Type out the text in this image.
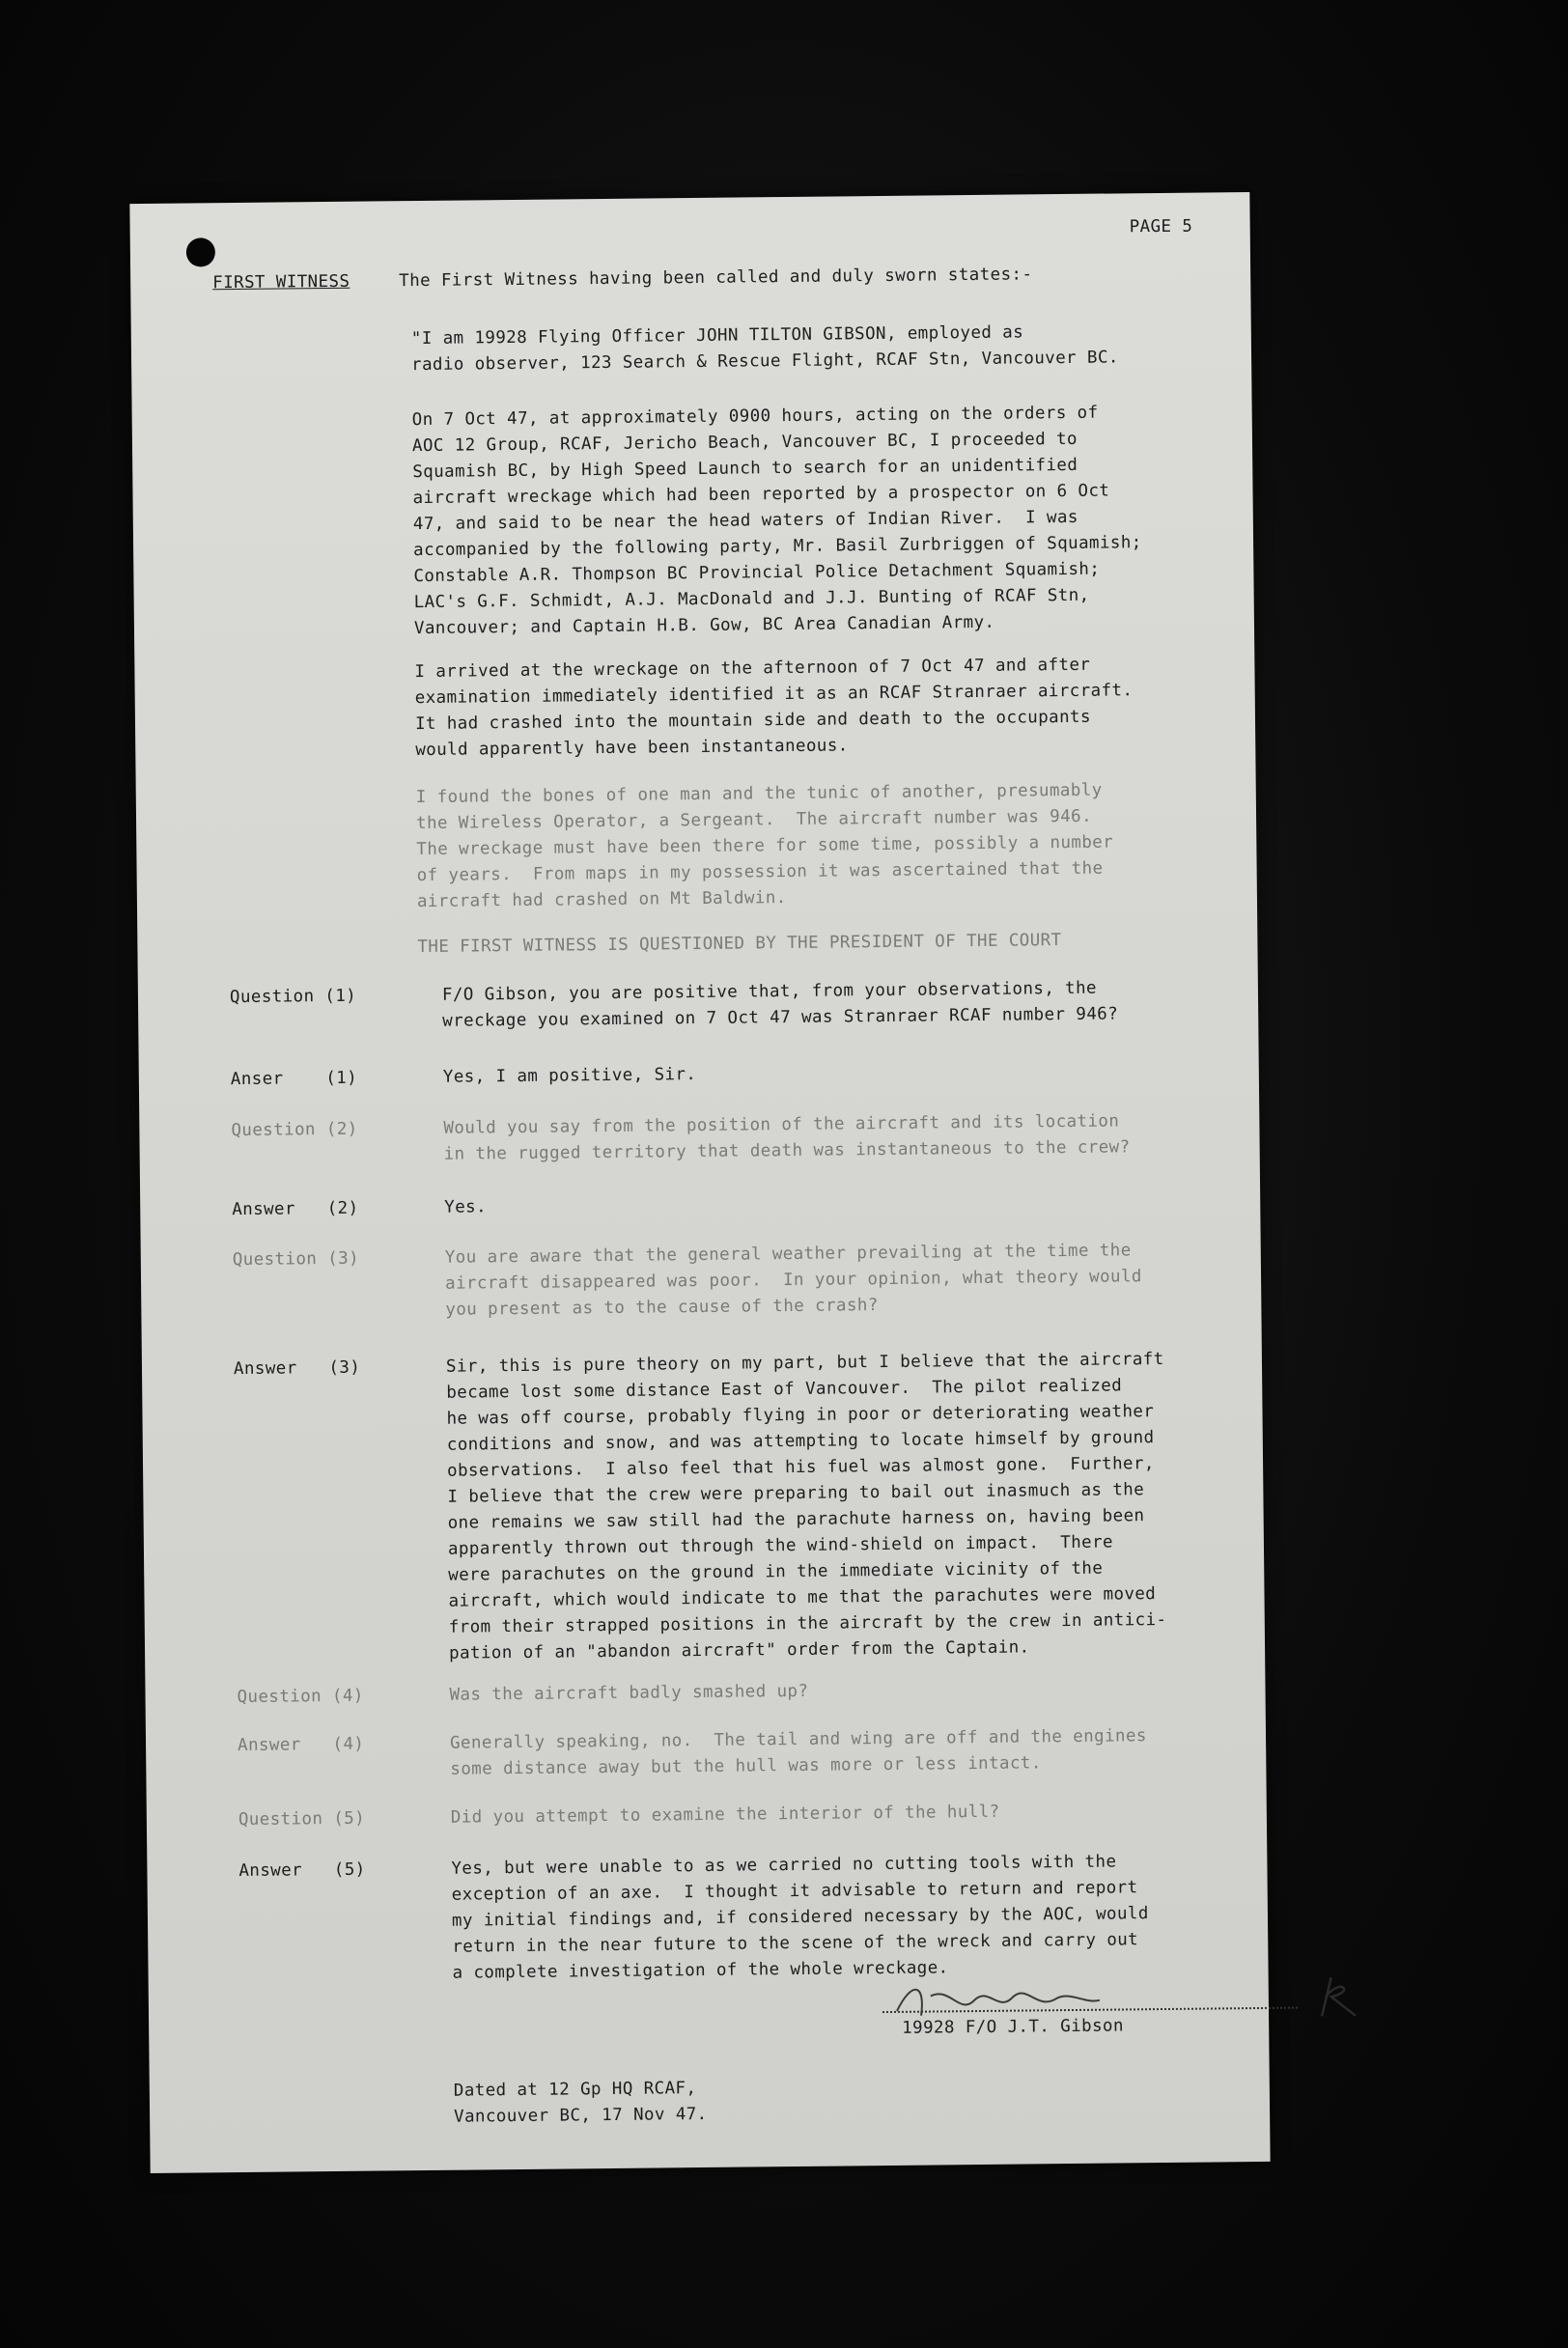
PAGE 5
FIRST WITNESS	The First Witness having been called and duly sworn states:-
"I am 19928 Flying Officer JOHN TILTON GIBSON, employed as
radio observer, 123 Search & Rescue Flight, RCAF Stn, Vancouver BC.
On 7 Oct 47, at approximately 0900 hours, acting on the orders of
AOC 12 Group, RCAF, Jericho Beach, Vancouver BC, I proceeded to
Squamish BC, by High Speed Launch to search for an unidentified
aircraft wreckage which had been reported by a prospector on 6 Oct
47, and said to be near the head waters of Indian River.  I was
accompanied by the following party, Mr. Basil Zurbriggen of Squamish;
Constable A.R. Thompson BC Provincial Police Detachment Squamish;
LAC's G.F. Schmidt, A.J. MacDonald and J.J. Bunting of RCAF Stn,
Vancouver; and Captain H.B. Gow, BC Area Canadian Army.
I arrived at the wreckage on the afternoon of 7 Oct 47 and after
examination immediately identified it as an RCAF Stranraer aircraft.
It had crashed into the mountain side and death to the occupants
would apparently have been instantaneous.
I found the bones of one man and the tunic of another, presumably
the Wireless Operator, a Sergeant.  The aircraft number was 946.
The wreckage must have been there for some time, possibly a number
of years.  From maps in my possession it was ascertained that the
aircraft had crashed on Mt Baldwin.
THE FIRST WITNESS IS QUESTIONED BY THE PRESIDENT OF THE COURT
Question (1)	F/O Gibson, you are positive that, from your observations, the
wreckage you examined on 7 Oct 47 was Stranraer RCAF number 946?
Anser    (1)	Yes, I am positive, Sir.
Question (2)	Would you say from the position of the aircraft and its location
in the rugged territory that death was instantaneous to the crew?
Answer   (2)	Yes.
Question (3)	You are aware that the general weather prevailing at the time the
aircraft disappeared was poor.  In your opinion, what theory would
you present as to the cause of the crash?
Answer   (3)	Sir, this is pure theory on my part, but I believe that the aircraft
became lost some distance East of Vancouver.  The pilot realized
he was off course, probably flying in poor or deteriorating weather
conditions and snow, and was attempting to locate himself by ground
observations.  I also feel that his fuel was almost gone.  Further,
I believe that the crew were preparing to bail out inasmuch as the
one remains we saw still had the parachute harness on, having been
apparently thrown out through the wind-shield on impact.  There
were parachutes on the ground in the immediate vicinity of the
aircraft, which would indicate to me that the parachutes were moved
from their strapped positions in the aircraft by the crew in antici-
pation of an "abandon aircraft" order from the Captain.
Question (4)	Was the aircraft badly smashed up?
Answer   (4)	Generally speaking, no.  The tail and wing are off and the engines
some distance away but the hull was more or less intact.
Question (5)	Did you attempt to examine the interior of the hull?
Answer   (5)	Yes, but were unable to as we carried no cutting tools with the
exception of an axe.  I thought it advisable to return and report
my initial findings and, if considered necessary by the AOC, would
return in the near future to the scene of the wreck and carry out
a complete investigation of the whole wreckage.
19928 F/O J.T. Gibson
Dated at 12 Gp HQ RCAF,
Vancouver BC, 17 Nov 47.
